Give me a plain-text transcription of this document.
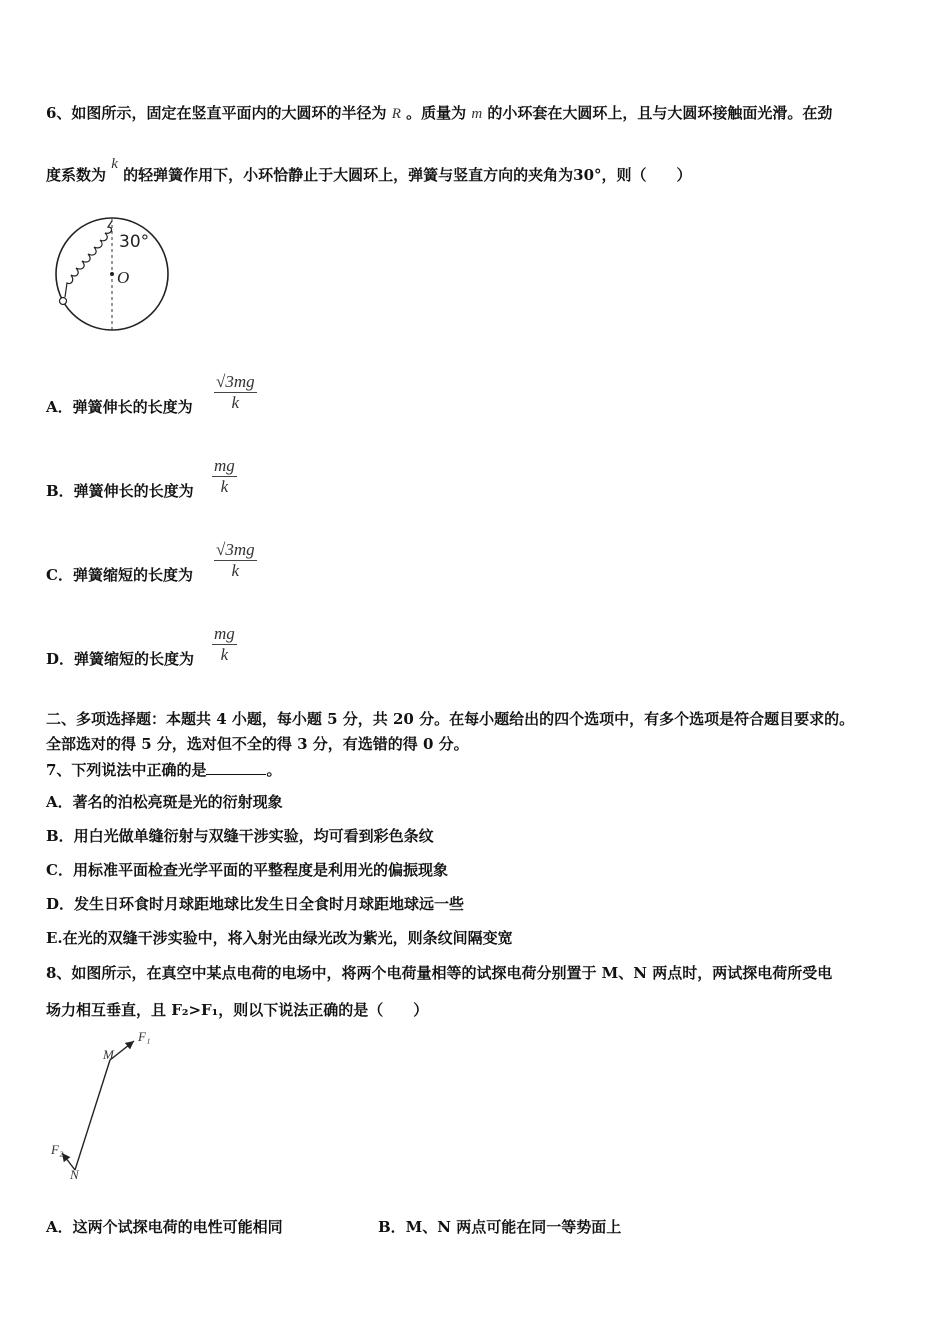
6、如图所示，固定在竖直平面内的大圆环的半径为 R 。质量为 m 的小环套在大圆环上，且与大圆环接触面光滑。在劲
度系数为 k 的轻弹簧作用下，小环恰静止于大圆环上，弹簧与竖直方向的夹角为30°，则（　　）
30°
O
A．弹簧伸长的长度为
√3mg
k
B．弹簧伸长的长度为
mg
k
C．弹簧缩短的长度为
√3mg
k
D．弹簧缩短的长度为
mg
k
二、多项选择题：本题共 4 小题，每小题 5 分，共 20 分。在每小题给出的四个选项中，有多个选项是符合题目要求的。
全部选对的得 5 分，选对但不全的得 3 分，有选错的得 0 分。
7、下列说法中正确的是	。
A．著名的泊松亮斑是光的衍射现象
B．用白光做单缝衍射与双缝干涉实验，均可看到彩色条纹
C．用标准平面检查光学平面的平整程度是利用光的偏振现象
D．发生日环食时月球距地球比发生日全食时月球距地球远一些
E.在光的双缝干涉实验中，将入射光由绿光改为紫光，则条纹间隔变宽
8、如图所示，在真空中某点电荷的电场中，将两个电荷量相等的试探电荷分别置于 M、N 两点时，两试探电荷所受电
场力相互垂直，且 F₂>F₁，则以下说法正确的是（　　）
F₁
M
F₂
N
A．这两个试探电荷的电性可能相同	B．M、N 两点可能在同一等势面上
